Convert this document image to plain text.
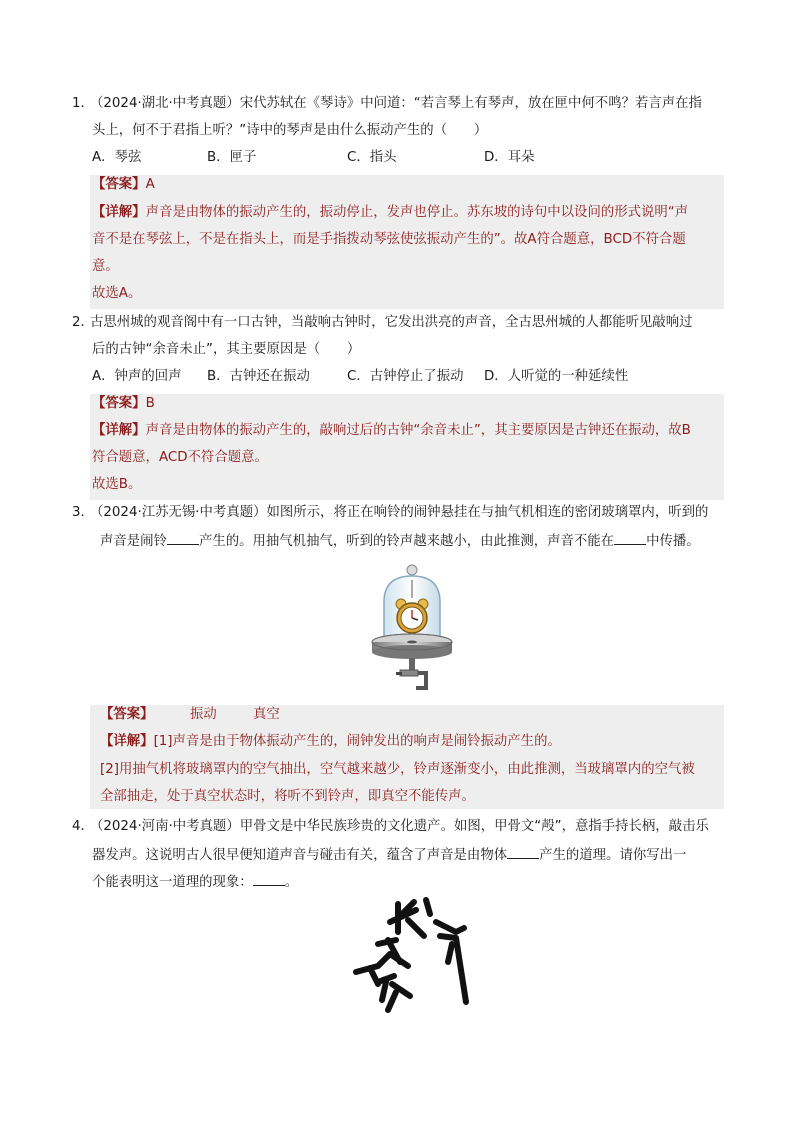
1．
（2024·湖北·中考真题）宋代苏轼在《琴诗》中问道：“若言琴上有琴声，放在匣中何不鸣？若言声在指
头上，何不于君指上听？”诗中的琴声是由什么振动产生的（　　）
A．琴弦	B．匣子	C．指头	D．耳朵
【答案】A
【详解】声音是由物体的振动产生的，振动停止，发声也停止。苏东坡的诗句中以设问的形式说明“声
音不是在琴弦上，不是在指头上，而是手指拨动琴弦使弦振动产生的”。故A符合题意，BCD不符合题
意。
故选A。
2．
古思州城的观音阁中有一口古钟，当敲响古钟时，它发出洪亮的声音，全古思州城的人都能听见敲响过
后的古钟“余音未止”，其主要原因是（　　）
A．钟声的回声 B．古钟还在振动	C．古钟停止了振动 D．人听觉的一种延续性
【答案】B
【详解】声音是由物体的振动产生的，敲响过后的古钟“余音未止”，其主要原因是古钟还在振动，故B
符合题意，ACD不符合题意。
故选B。
3．
（2024·江苏无锡·中考真题）如图所示，将正在响铃的闹钟悬挂在与抽气机相连的密闭玻璃罩内，听到的
声音是闹铃 产生的。用抽气机抽气，听到的铃声越来越小，由此推测，声音不能在 中传播。
【答案】	振动	真空
【详解】[1]声音是由于物体振动产生的，闹钟发出的响声是闹铃振动产生的。
[2]用抽气机将玻璃罩内的空气抽出，空气越来越少，铃声逐渐变小，由此推测，当玻璃罩内的空气被
全部抽走，处于真空状态时，将听不到铃声，即真空不能传声。
4．
（2024·河南·中考真题）甲骨文是中华民族珍贵的文化遗产。如图，甲骨文“殸”，意指手持长柄，敲击乐
器发声。这说明古人很早便知道声音与碰击有关，蕴含了声音是由物体 产生的道理。请你写出一
个能表明这一道理的现象： 。
